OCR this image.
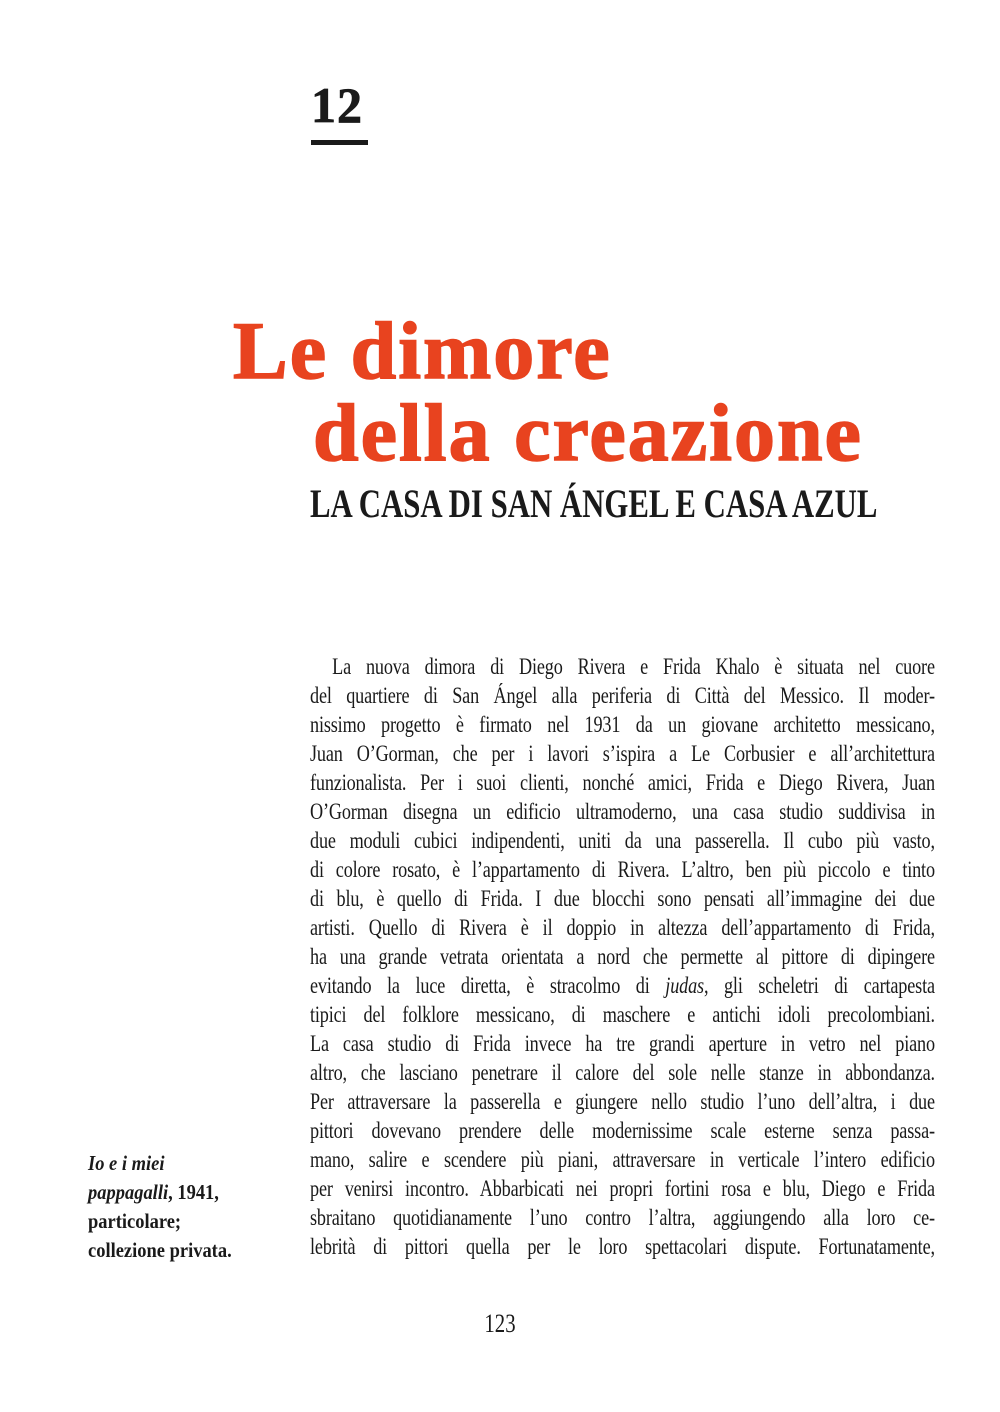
12
Le dimore
della creazione
LA CASA DI SAN ÁNGEL E CASA AZUL
La nuova dimora di Diego Rivera e Frida Khalo è situata nel cuore
del quartiere di San Ángel alla periferia di Città del Messico. Il moder-
nissimo progetto è firmato nel 1931 da un giovane architetto messicano,
Juan O’Gorman, che per i lavori s’ispira a Le Corbusier e all’architettura
funzionalista. Per i suoi clienti, nonché amici, Frida e Diego Rivera, Juan
O’Gorman disegna un edificio ultramoderno, una casa studio suddivisa in
due moduli cubici indipendenti, uniti da una passerella. Il cubo più vasto,
di colore rosato, è l’appartamento di Rivera. L’altro, ben più piccolo e tinto
di blu, è quello di Frida. I due blocchi sono pensati all’immagine dei due
artisti. Quello di Rivera è il doppio in altezza dell’appartamento di Frida,
ha una grande vetrata orientata a nord che permette al pittore di dipingere
evitando la luce diretta, è stracolmo di judas, gli scheletri di cartapesta
tipici del folklore messicano, di maschere e antichi idoli precolombiani.
La casa studio di Frida invece ha tre grandi aperture in vetro nel piano
altro, che lasciano penetrare il calore del sole nelle stanze in abbondanza.
Per attraversare la passerella e giungere nello studio l’uno dell’altra, i due
pittori dovevano prendere delle modernissime scale esterne senza passa-
mano, salire e scendere più piani, attraversare in verticale l’intero edificio
per venirsi incontro. Abbarbicati nei propri fortini rosa e blu, Diego e Frida
sbraitano quotidianamente l’uno contro l’altra, aggiungendo alla loro ce-
lebrità di pittori quella per le loro spettacolari dispute. Fortunatamente,
Io e i miei
pappagalli, 1941,
particolare;
collezione privata.
123
